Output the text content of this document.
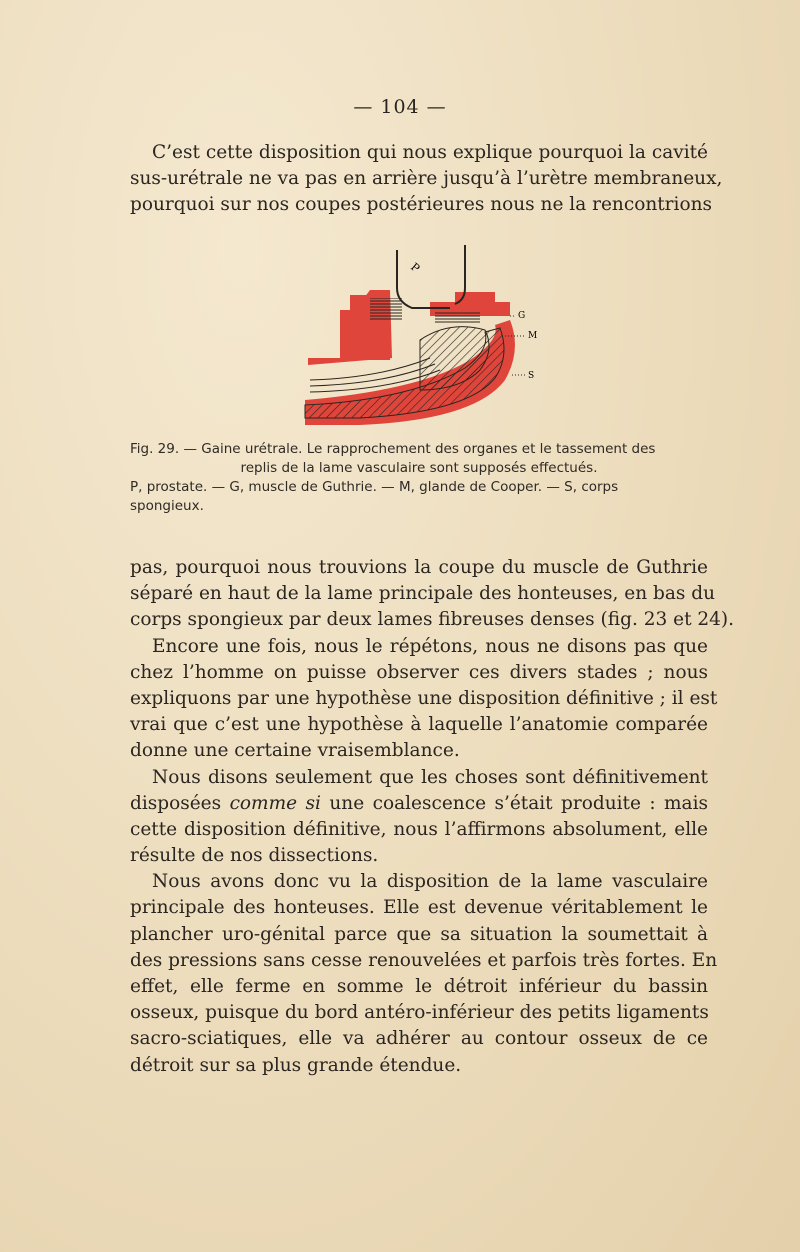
— 104 —
C’est cette disposition qui nous explique pourquoi la cavité
sus-urétrale ne va pas en arrière jusqu’à l’urètre membraneux,
pourquoi sur nos coupes postérieures nous ne la rencontrions
P
G
M
S
Fig. 29. — Gaine urétrale. Le rapprochement des organes et le tassement des
replis de la lame vasculaire sont supposés effectués.
P, prostate. — G, muscle de Guthrie. — M, glande de Cooper. — S, corps
spongieux.
pas, pourquoi nous trouvions la coupe du muscle de Guthrie
séparé en haut de la lame principale des honteuses, en bas du
corps spongieux par deux lames fibreuses denses (fig. 23 et 24).
Encore une fois, nous le répétons, nous ne disons pas que
chez l’homme on puisse observer ces divers stades ; nous
expliquons par une hypothèse une disposition définitive ; il est
vrai que c’est une hypothèse à laquelle l’anatomie comparée
donne une certaine vraisemblance.
Nous disons seulement que les choses sont définitivement
disposées comme si une coalescence s’était produite : mais
cette disposition définitive, nous l’affirmons absolument, elle
résulte de nos dissections.
Nous avons donc vu la disposition de la lame vasculaire
principale des honteuses. Elle est devenue véritablement le
plancher uro-génital parce que sa situation la soumettait à
des pressions sans cesse renouvelées et parfois très fortes. En
effet, elle ferme en somme le détroit inférieur du bassin
osseux, puisque du bord antéro-inférieur des petits ligaments
sacro-sciatiques, elle va adhérer au contour osseux de ce
détroit sur sa plus grande étendue.
